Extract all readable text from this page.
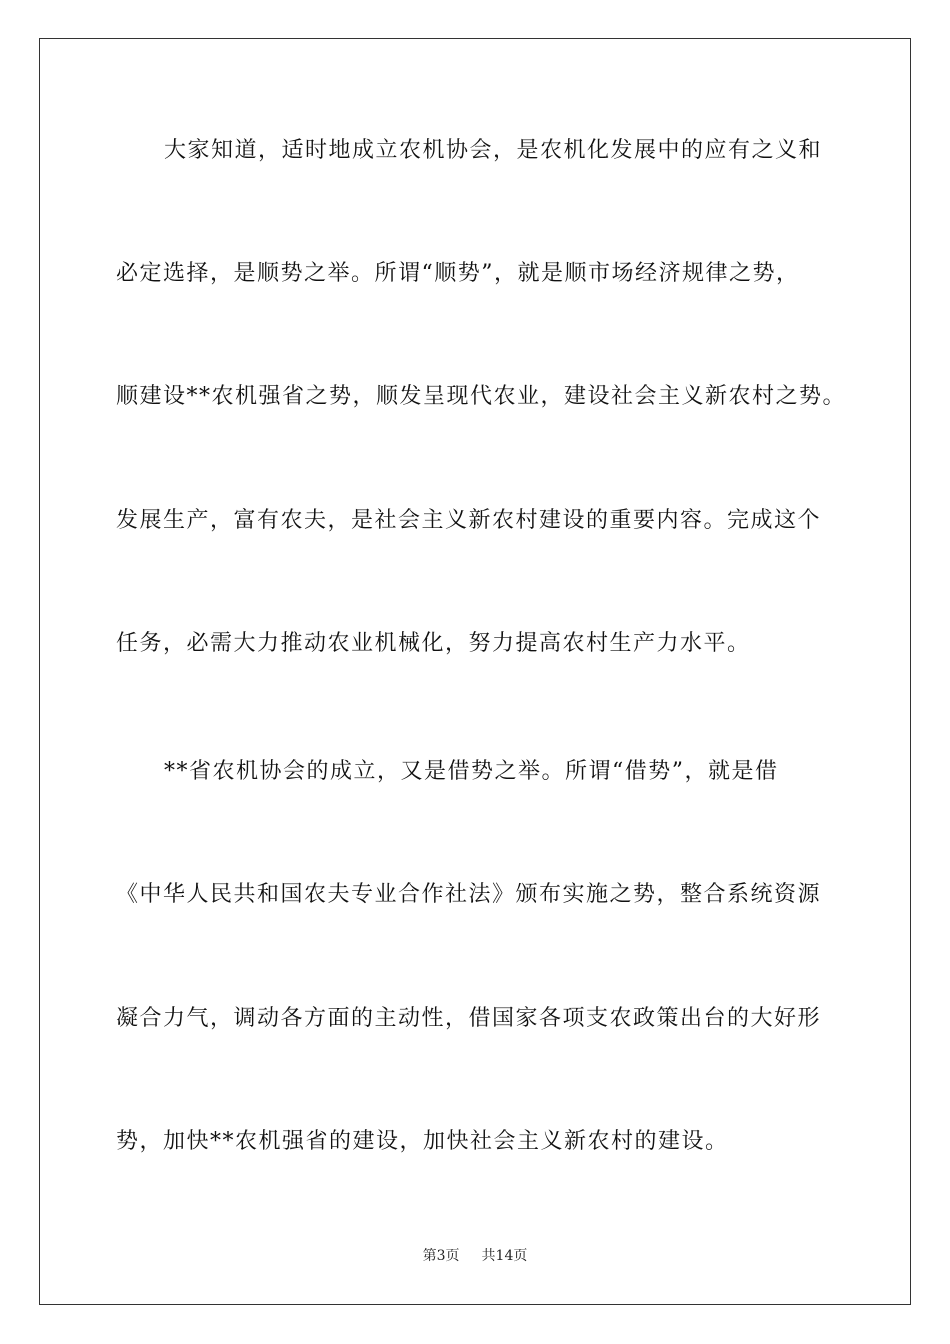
大家知道，适时地成立农机协会，是农机化发展中的应有之义和
必定选择，是顺势之举。所谓“顺势”，就是顺市场经济规律之势，
顺建设**农机强省之势，顺发呈现代农业，建设社会主义新农村之势。
发展生产，富有农夫，是社会主义新农村建设的重要内容。完成这个
任务，必需大力推动农业机械化，努力提高农村生产力水平。
**省农机协会的成立，又是借势之举。所谓“借势”，就是借
《中华人民共和国农夫专业合作社法》颁布实施之势，整合系统资源
凝合力气，调动各方面的主动性，借国家各项支农政策出台的大好形
势，加快**农机强省的建设，加快社会主义新农村的建设。
第3页 共14页
